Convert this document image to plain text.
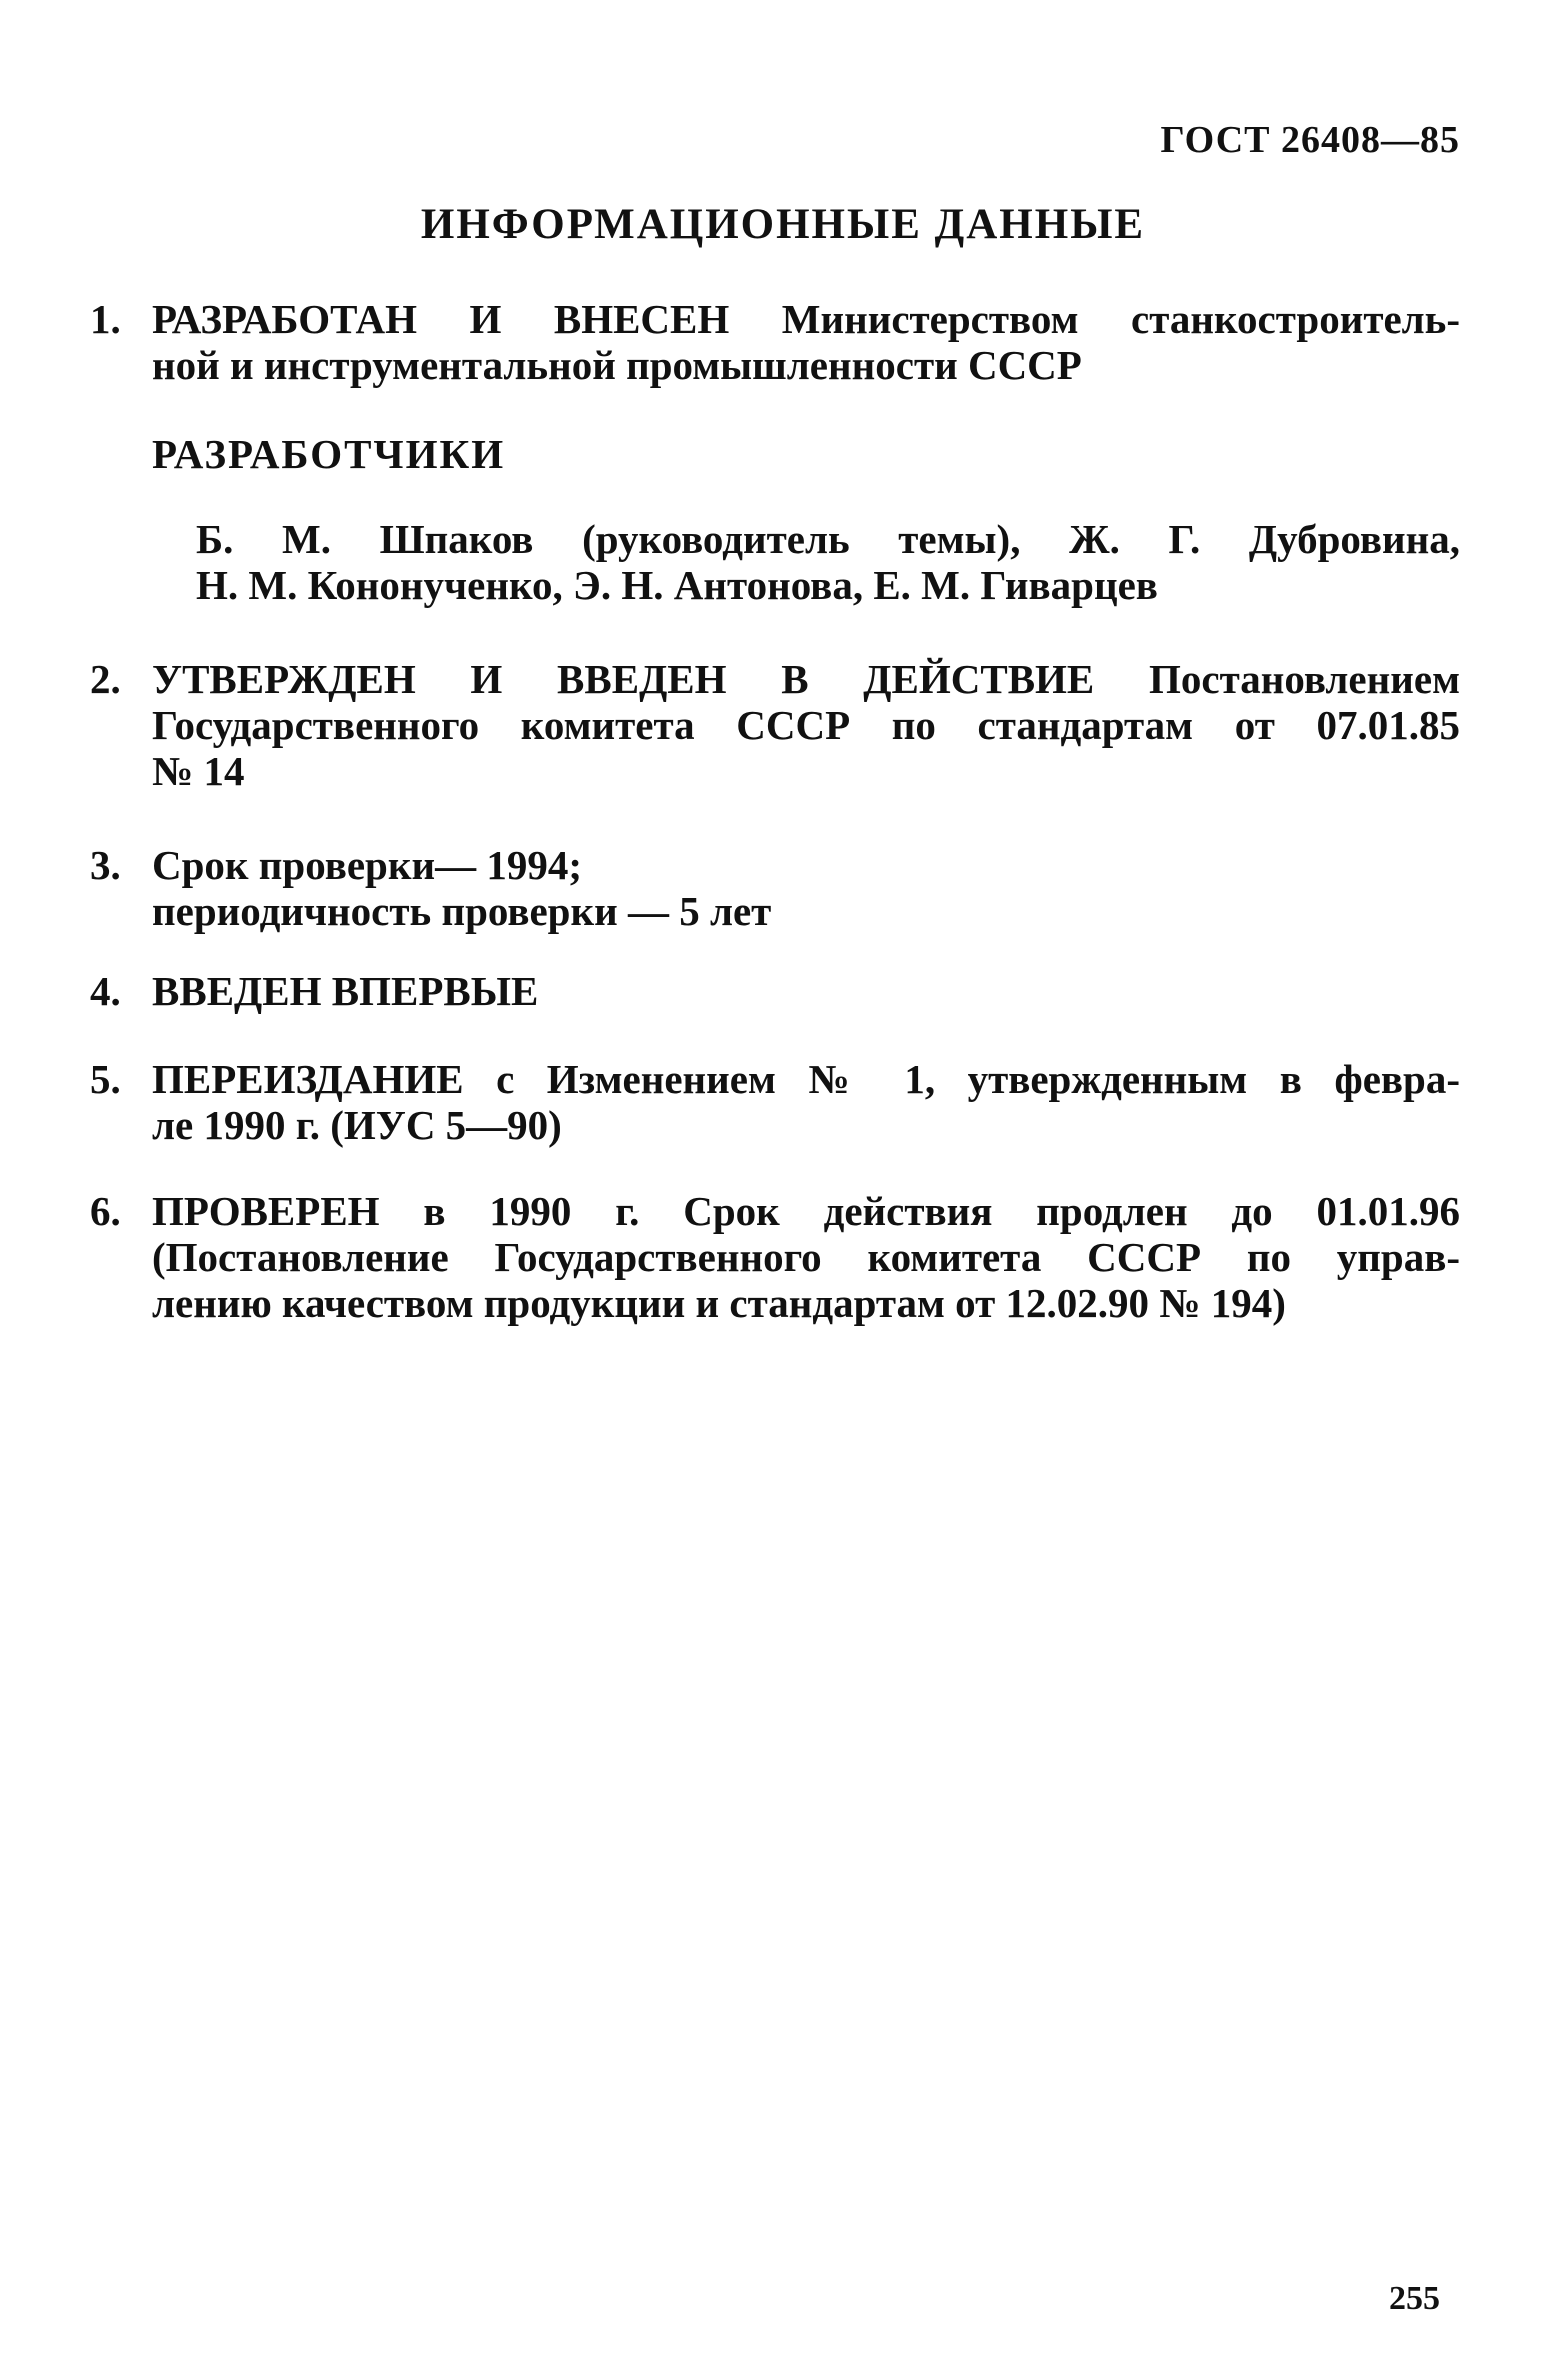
ГОСТ 26408—85
ИНФОРМАЦИОННЫЕ ДАННЫЕ
1. РАЗРАБОТАН И ВНЕСЕН Министерством станкостроитель-
ной и инструментальной промышленности СССР
РАЗРАБОТЧИКИ
Б. М. Шпаков (руководитель темы), Ж. Г. Дубровина,
Н. М. Кононученко, Э. Н. Антонова, Е. М. Гиварцев
2. УТВЕРЖДЕН И ВВЕДЕН В ДЕЙСТВИЕ Постановлением
Государственного комитета СССР по стандартам от 07.01.85
№ 14
3. Срок проверки— 1994;
периодичность проверки — 5 лет
4. ВВЕДЕН ВПЕРВЫЕ
5. ПЕРЕИЗДАНИЕ с Изменением № 1, утвержденным в февра-
ле 1990 г. (ИУС 5—90)
6. ПРОВЕРЕН в 1990 г. Срок действия продлен до 01.01.96
(Постановление Государственного комитета СССР по управ-
лению качеством продукции и стандартам от 12.02.90 № 194)
255
